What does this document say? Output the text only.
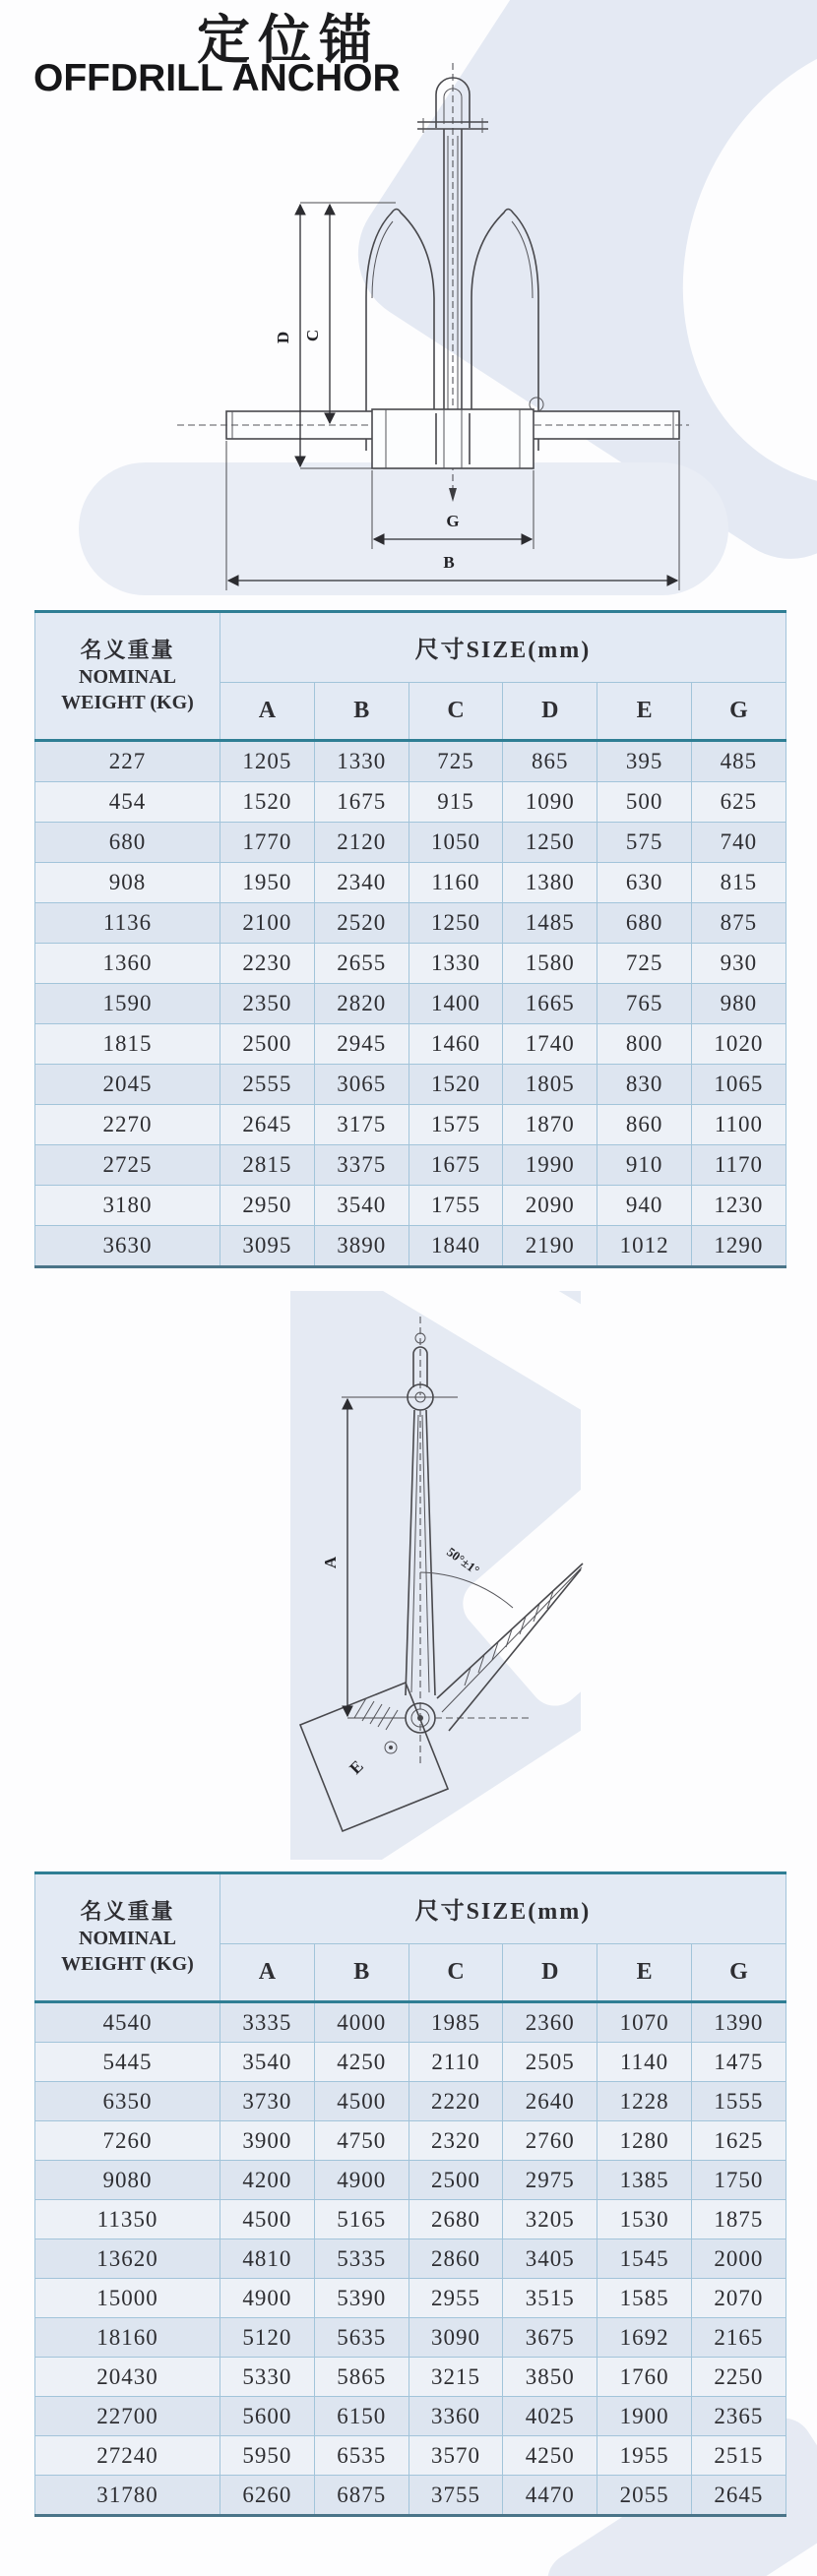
定位锚
OFFDRILL ANCHOR
D C
G
B
E
A	50°±1°
名义重量
NOMINAL
WEIGHT (KG)	尺寸SIZE(mm)					
	A	B	C	D	E	G
227	1205	1330	725	865	395	485
454	1520	1675	915	1090	500	625
680	1770	2120	1050	1250	575	740
908	1950	2340	1160	1380	630	815
1136	2100	2520	1250	1485	680	875
1360	2230	2655	1330	1580	725	930
1590	2350	2820	1400	1665	765	980
1815	2500	2945	1460	1740	800	1020
2045	2555	3065	1520	1805	830	1065
2270	2645	3175	1575	1870	860	1100
2725	2815	3375	1675	1990	910	1170
3180	2950	3540	1755	2090	940	1230
3630	3095	3890	1840	2190	1012	1290
名义重量
NOMINAL
WEIGHT (KG)	尺寸SIZE(mm)					
	A	B	C	D	E	G
4540	3335	4000	1985	2360	1070	1390
5445	3540	4250	2110	2505	1140	1475
6350	3730	4500	2220	2640	1228	1555
7260	3900	4750	2320	2760	1280	1625
9080	4200	4900	2500	2975	1385	1750
11350	4500	5165	2680	3205	1530	1875
13620	4810	5335	2860	3405	1545	2000
15000	4900	5390	2955	3515	1585	2070
18160	5120	5635	3090	3675	1692	2165
20430	5330	5865	3215	3850	1760	2250
22700	5600	6150	3360	4025	1900	2365
27240	5950	6535	3570	4250	1955	2515
31780	6260	6875	3755	4470	2055	2645
